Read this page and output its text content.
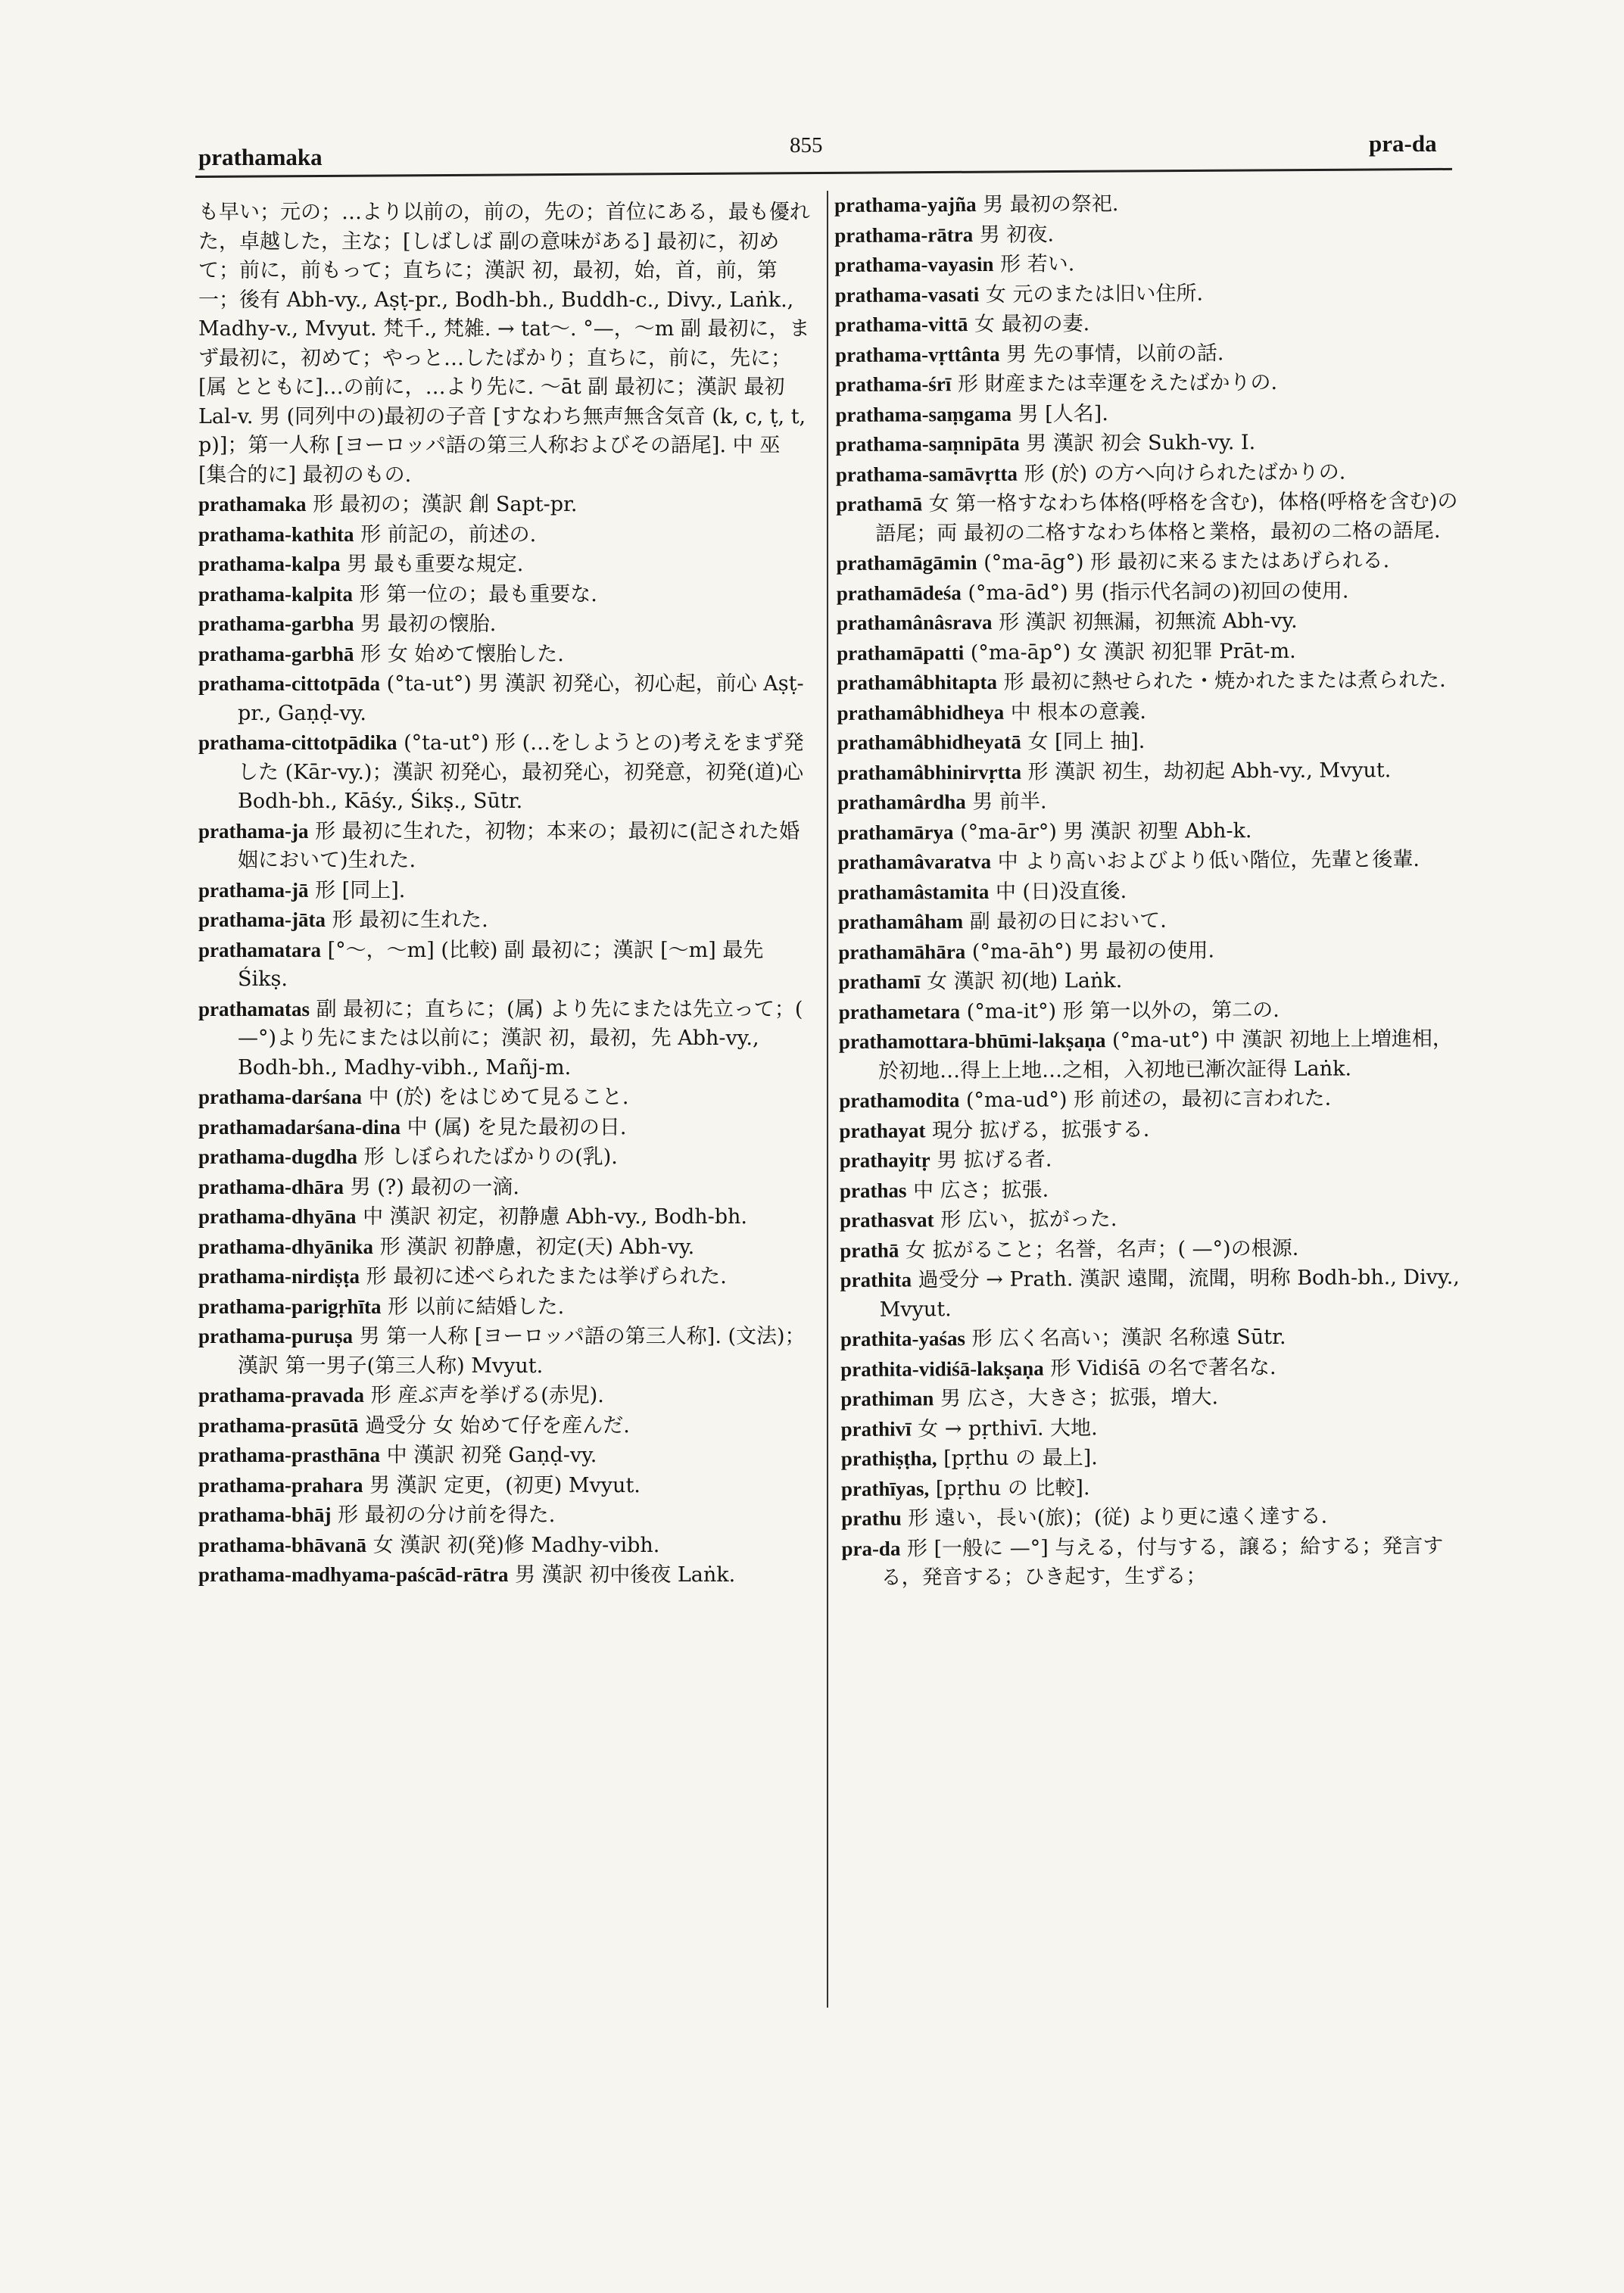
prathamaka	855	pra-da

も早い；元の；…より以前の，前の，先の；首位にある，最も優れた，卓越した，主な；[しばしば 副の意味がある] 最初に，初めて；前に，前もって；直ちに；漢訳 初，最初，始，首，前，第一；後有 Abh-vy., Aṣṭ-pr., Bodh-bh., Buddh-c., Divy., Laṅk., Madhy-v., Mvyut. 梵千., 梵雑. → tat～. °—，～m 副 最初に，まず最初に，初めて；やっと…したばかり；直ちに，前に，先に；[属 とともに]…の前に，…より先に. ～āt 副 最初に；漢訳 最初 Lal-v. 男 (同列中の)最初の子音 [すなわち無声無含気音 (k, c, ṭ, t, p)]；第一人称 [ヨーロッパ語の第三人称およびその語尾]. 中 巫 [集合的に] 最初のもの.

prathamaka 形 最初の；漢訳 創 Sapt-pr.

prathama-kathita 形 前記の，前述の.

prathama-kalpa 男 最も重要な規定.

prathama-kalpita 形 第一位の；最も重要な.

prathama-garbha 男 最初の懐胎.

prathama-garbhā 形 女 始めて懐胎した.

prathama-cittotpāda (°ta-ut°) 男 漢訳 初発心，初心起，前心 Aṣṭ-pr., Gaṇḍ-vy.

prathama-cittotpādika (°ta-ut°) 形 (…をしようとの)考えをまず発した (Kār-vy.)；漢訳 初発心，最初発心，初発意，初発(道)心 Bodh-bh., Kāśy., Śikṣ., Sūtr.

prathama-ja 形 最初に生れた，初物；本来の；最初に(記された婚姻において)生れた.

prathama-jā 形 [同上].

prathama-jāta 形 最初に生れた.

prathamatara [°～，～m] (比較) 副 最初に；漢訳 [～m] 最先 Śikṣ.

prathamatas 副 最初に；直ちに；(属) より先にまたは先立って；( —°)より先にまたは以前に；漢訳 初，最初，先 Abh-vy., Bodh-bh., Madhy-vibh., Mañj-m.

prathama-darśana 中 (於) をはじめて見ること.

prathamadarśana-dina 中 (属) を見た最初の日.

prathama-dugdha 形 しぼられたばかりの(乳).

prathama-dhāra 男 (?) 最初の一滴.

prathama-dhyāna 中 漢訳 初定，初静慮 Abh-vy., Bodh-bh.

prathama-dhyānika 形 漢訳 初静慮，初定(天) Abh-vy.

prathama-nirdiṣṭa 形 最初に述べられたまたは挙げられた.

prathama-parigṛhīta 形 以前に結婚した.

prathama-puruṣa 男 第一人称 [ヨーロッパ語の第三人称]. (文法)；漢訳 第一男子(第三人称) Mvyut.

prathama-pravada 形 産ぶ声を挙げる(赤児).

prathama-prasūtā 過受分 女 始めて仔を産んだ.

prathama-prasthāna 中 漢訳 初発 Gaṇḍ-vy.

prathama-prahara 男 漢訳 定更，(初更) Mvyut.

prathama-bhāj 形 最初の分け前を得た.

prathama-bhāvanā 女 漢訳 初(発)修 Madhy-vibh.

prathama-madhyama-paścād-rātra 男 漢訳 初中後夜 Laṅk.

prathama-yajña 男 最初の祭祀.

prathama-rātra 男 初夜.

prathama-vayasin 形 若い.

prathama-vasati 女 元のまたは旧い住所.

prathama-vittā 女 最初の妻.

prathama-vṛttânta 男 先の事情，以前の話.

prathama-śrī 形 財産または幸運をえたばかりの.

prathama-saṃgama 男 [人名].

prathama-saṃnipāta 男 漢訳 初会 Sukh-vy. I.

prathama-samāvṛtta 形 (於) の方へ向けられたばかりの.

prathamā 女 第一格すなわち体格(呼格を含む)，体格(呼格を含む)の語尾；両 最初の二格すなわち体格と業格，最初の二格の語尾.

prathamāgāmin (°ma-āg°) 形 最初に来るまたはあげられる.

prathamādeśa (°ma-ād°) 男 (指示代名詞の)初回の使用.

prathamânâsrava 形 漢訳 初無漏，初無流 Abh-vy.

prathamāpatti (°ma-āp°) 女 漢訳 初犯罪 Prāt-m.

prathamâbhitapta 形 最初に熱せられた・焼かれたまたは煮られた.

prathamâbhidheya 中 根本の意義.

prathamâbhidheyatā 女 [同上 抽].

prathamâbhinirvṛtta 形 漢訳 初生，劫初起 Abh-vy., Mvyut.

prathamârdha 男 前半.

prathamārya (°ma-ār°) 男 漢訳 初聖 Abh-k.

prathamâvaratva 中 より高いおよびより低い階位，先輩と後輩.

prathamâstamita 中 (日)没直後.

prathamâham 副 最初の日において.

prathamāhāra (°ma-āh°) 男 最初の使用.

prathamī 女 漢訳 初(地) Laṅk.

prathametara (°ma-it°) 形 第一以外の，第二の.

prathamottara-bhūmi-lakṣaṇa (°ma-ut°) 中 漢訳 初地上上増進相，於初地…得上上地…之相，入初地已漸次証得 Laṅk.

prathamodita (°ma-ud°) 形 前述の，最初に言われた.

prathayat 現分 拡げる，拡張する.

prathayitṛ 男 拡げる者.

prathas 中 広さ；拡張.

prathasvat 形 広い，拡がった.

prathā 女 拡がること；名誉，名声；( —°)の根源.

prathita 過受分 → Prath. 漢訳 遠聞，流聞，明称 Bodh-bh., Divy., Mvyut.

prathita-yaśas 形 広く名高い；漢訳 名称遠 Sūtr.

prathita-vidiśā-lakṣaṇa 形 Vidiśā の名で著名な.

prathiman 男 広さ，大きさ；拡張，増大.

prathivī 女 → pṛthivī. 大地.

prathiṣṭha, [pṛthu の 最上].

prathīyas, [pṛthu の 比較].

prathu 形 遠い，長い(旅)；(従) より更に遠く達する.

pra-da 形 [一般に —°] 与える，付与する，譲る；給する；発言する，発音する；ひき起す，生ずる；
